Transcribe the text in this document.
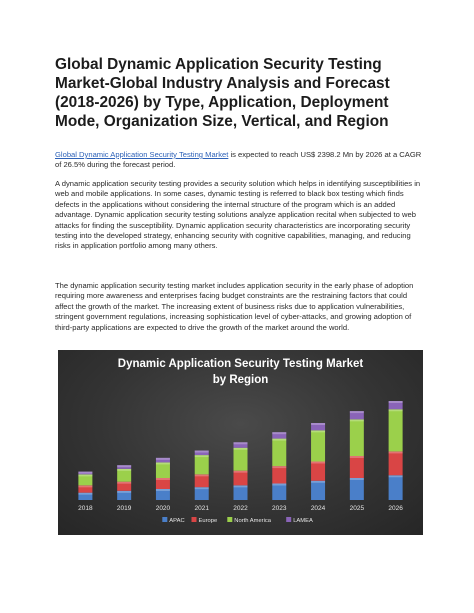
Global Dynamic Application Security Testing Market-Global Industry Analysis and Forecast (2018-2026) by Type, Application, Deployment Mode, Organization Size, Vertical, and Region

Global Dynamic Application Security Testing Market is expected to reach US$ 2398.2 Mn by 2026 at a CAGR of 26.5% during the forecast period.

A dynamic application security testing provides a security solution which helps in identifying susceptibilities in web and mobile applications. In some cases, dynamic testing is referred to black box testing which finds defects in the applications without considering the internal structure of the program which is an added advantage. Dynamic application security testing solutions analyze application recital when subjected to web attacks for finding the susceptibility. Dynamic application security characteristics are incorporating security testing into the developed strategy, enhancing security with cognitive capabilities, managing, and reducing risks in application portfolio among many others.

The dynamic application security testing market includes application security in the early phase of adoption requiring more awareness and enterprises facing budget constraints are the restraining factors that could affect the growth of the market. The increasing extent of business risks due to application vulnerabilities, stringent government regulations, increasing sophistication level of cyber-attacks, and growing adoption of third-party applications are expected to drive the growth of the market around the world.

Dynamic Application Security Testing Market
by Region
2018	2019	2020	2021	2022	2023	2024	2025	2026
APAC Europe	North America	LAMEA
